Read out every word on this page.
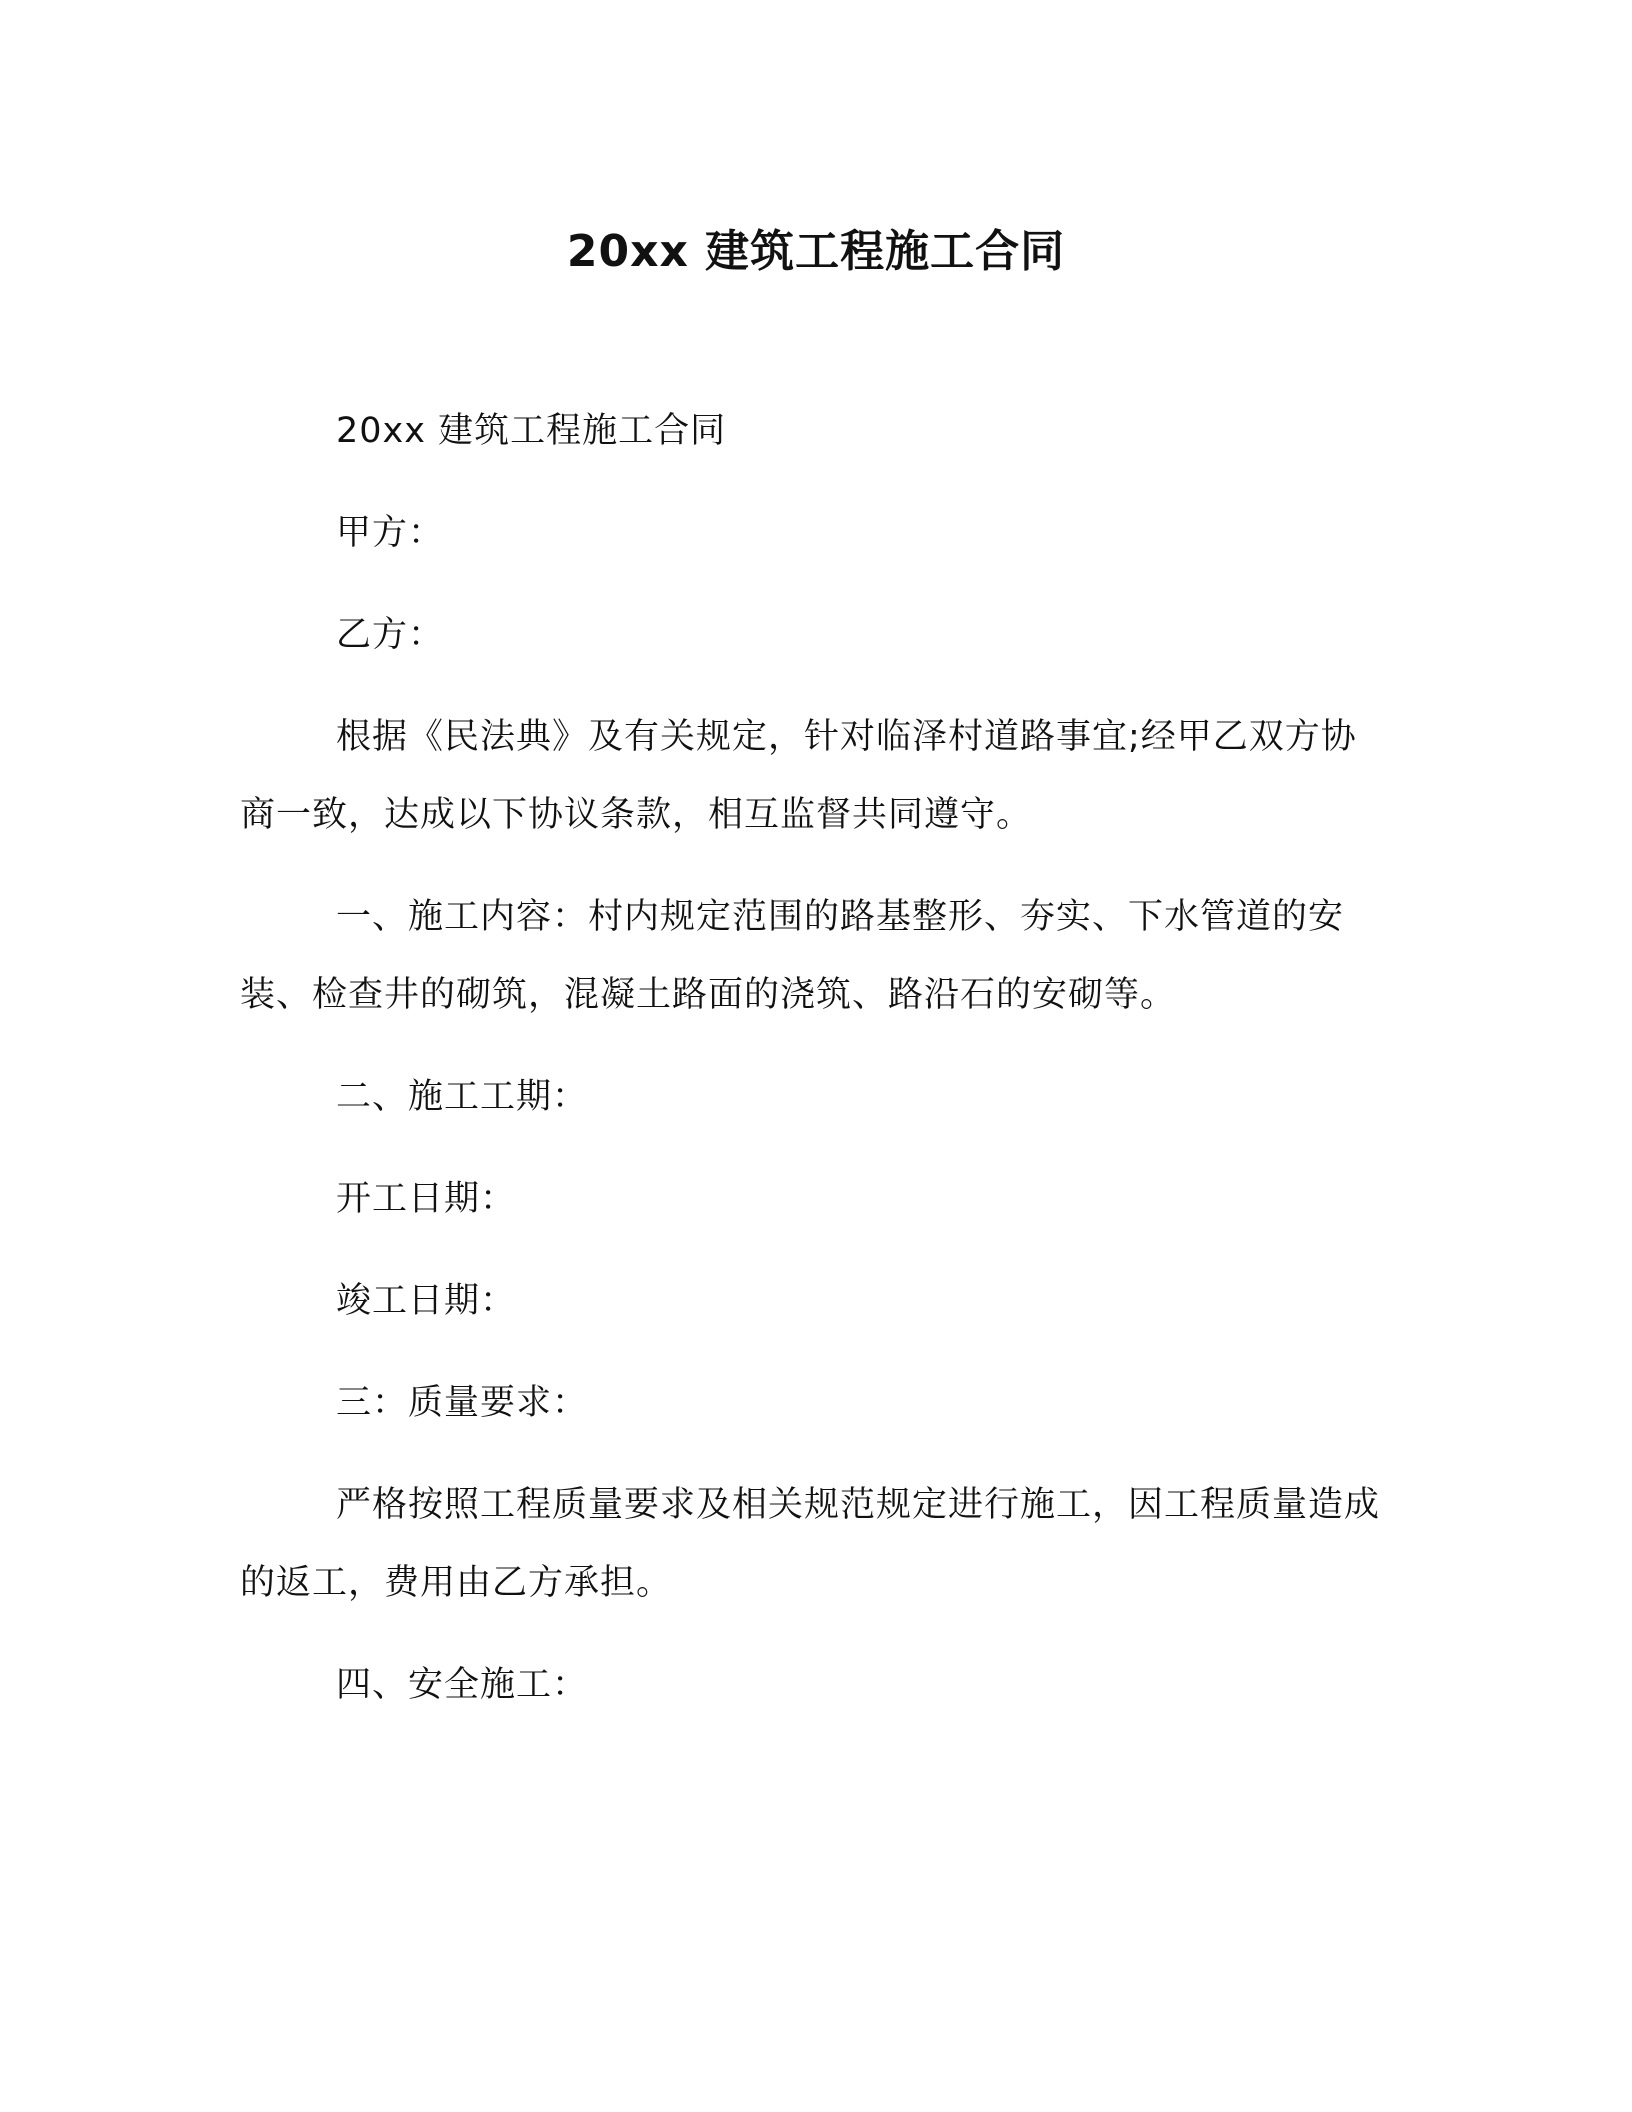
20xx 建筑工程施工合同

20xx 建筑工程施工合同

甲方：

乙方：

根据《民法典》及有关规定，针对临泽村道路事宜;经甲乙双方协商一致，达成以下协议条款，相互监督共同遵守。

一、施工内容：村内规定范围的路基整形、夯实、下水管道的安装、检查井的砌筑，混凝土路面的浇筑、路沿石的安砌等。

二、施工工期：

开工日期：

竣工日期：

三：质量要求：

严格按照工程质量要求及相关规范规定进行施工，因工程质量造成的返工，费用由乙方承担。

四、安全施工：
